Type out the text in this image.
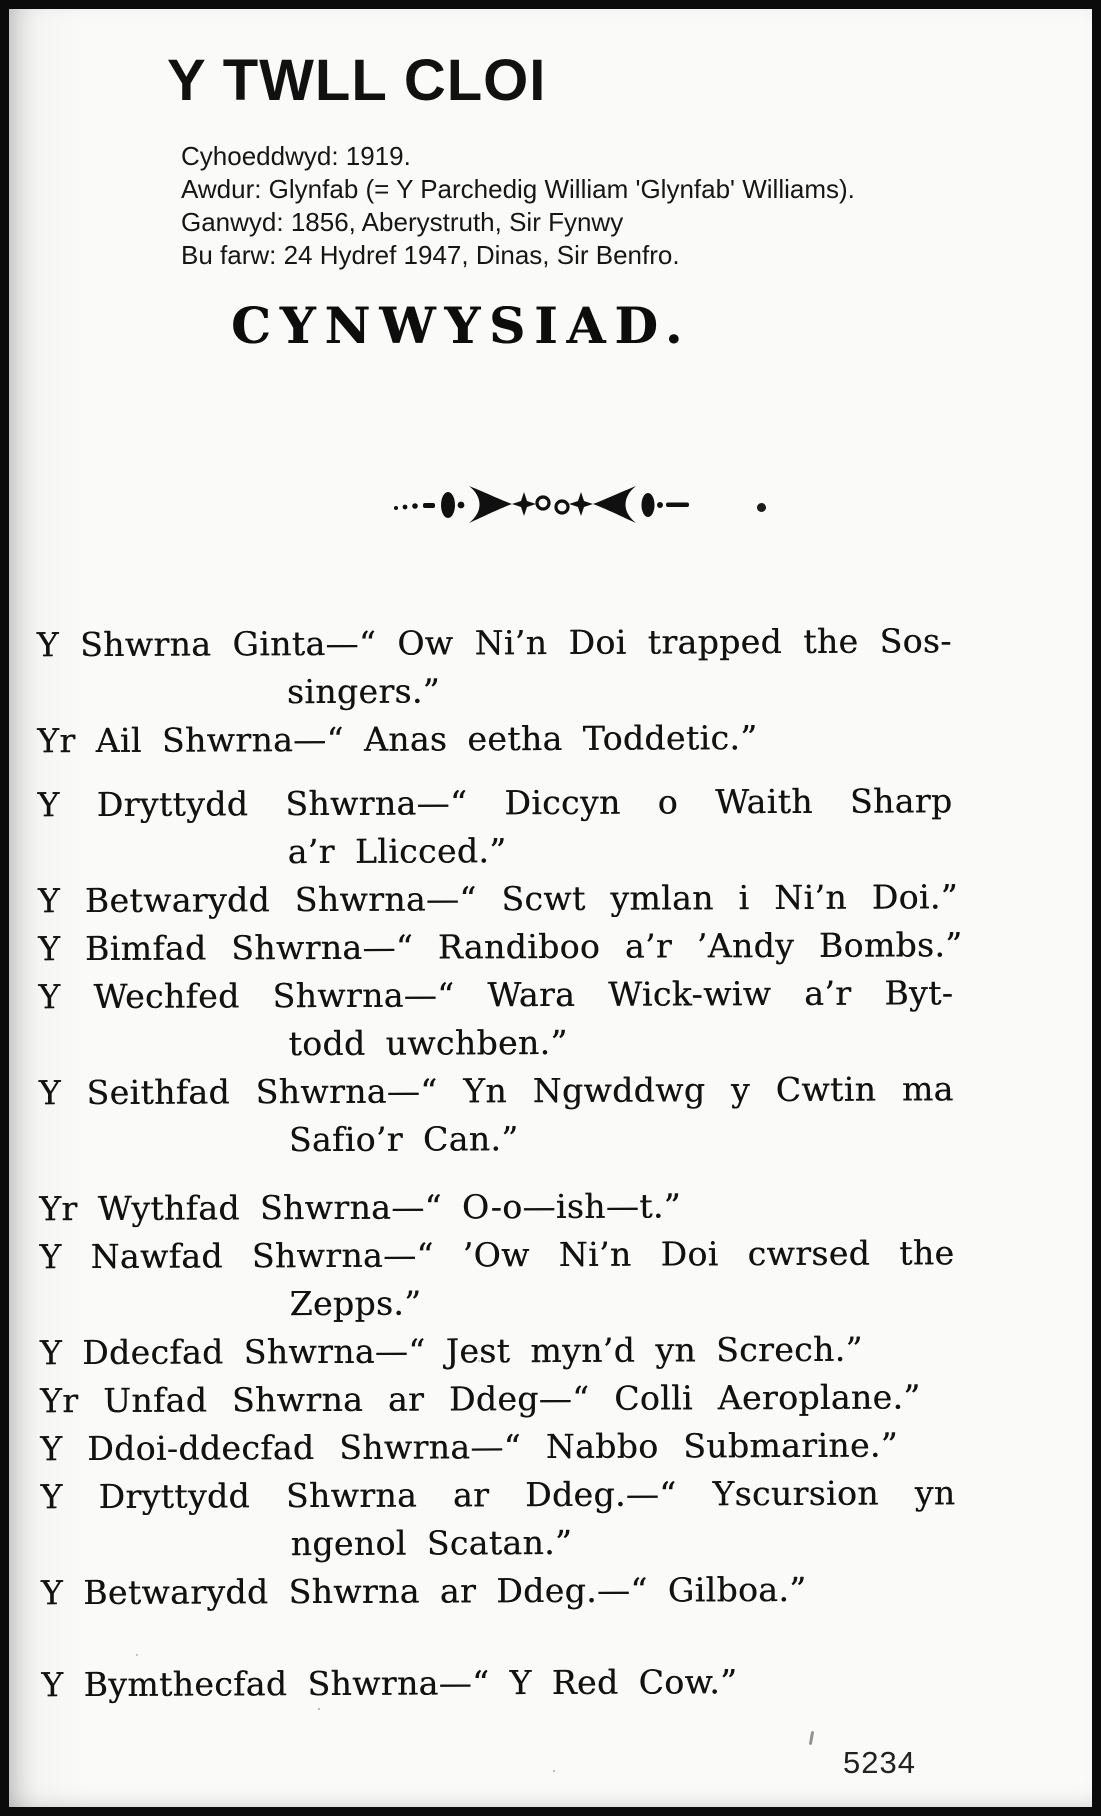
Y TWLL CLOI
Cyhoeddwyd: 1919.
Awdur: Glynfab (= Y Parchedig William 'Glynfab' Williams).
Ganwyd: 1856, Aberystruth, Sir Fynwy
Bu farw: 24 Hydref 1947, Dinas, Sir Benfro.
CYNWYSIAD.
Y Shwrna Ginta—“ Ow Ni’n Doi trapped the Sos-
singers.”
Yr Ail Shwrna—“ Anas eetha Toddetic.”
Y Dryttydd Shwrna—“ Diccyn o Waith Sharp
a’r Llicced.”
Y Betwarydd Shwrna—“ Scwt ymlan i Ni’n Doi.”
Y Bimfad Shwrna—“ Randiboo a’r ’Andy Bombs.”
Y Wechfed Shwrna—“ Wara Wick-wiw a’r Byt-
todd uwchben.”
Y Seithfad Shwrna—“ Yn Ngwddwg y Cwtin ma
Safio’r Can.”
Yr Wythfad Shwrna—“ O-o—ish—t.”
Y Nawfad Shwrna—“ ’Ow Ni’n Doi cwrsed the
Zepps.”
Y Ddecfad Shwrna—“ Jest myn’d yn Screch.”
Yr Unfad Shwrna ar Ddeg—“ Colli Aeroplane.”
Y Ddoi-ddecfad Shwrna—“ Nabbo Submarine.”
Y Dryttydd Shwrna ar Ddeg.—“ Yscursion yn
ngenol Scatan.”
Y Betwarydd Shwrna ar Ddeg.—“ Gilboa.”
Y Bymthecfad Shwrna—“ Y Red Cow.”
5234
